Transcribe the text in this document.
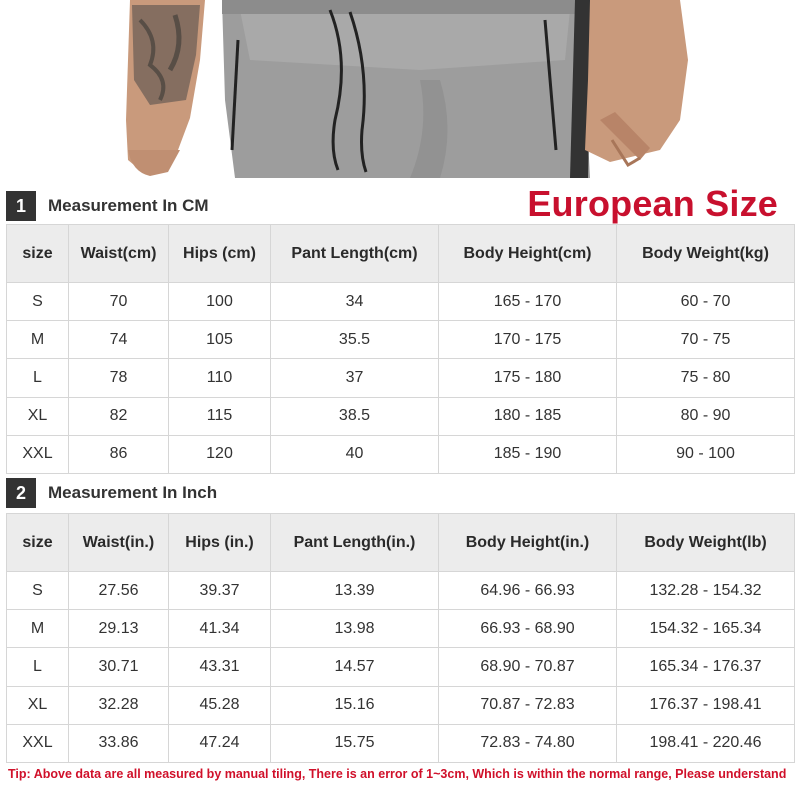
1	Measurement In CM	European Size
size	Waist(cm)	Hips (cm)	Pant Length(cm)	Body Height(cm)	Body Weight(kg)
S	70	100	34	165 - 170	60 - 70
M	74	105	35.5	170 - 175	70 - 75
L	78	110	37	175 - 180	75 - 80
XL	82	115	38.5	180 - 185	80 - 90
XXL	86	120	40	185 - 190	90 - 100
2	Measurement In Inch
size	Waist(in.)	Hips (in.)	Pant Length(in.)	Body Height(in.)	Body Weight(lb)
S	27.56	39.37	13.39	64.96 - 66.93	132.28 - 154.32
M	29.13	41.34	13.98	66.93 - 68.90	154.32 - 165.34
L	30.71	43.31	14.57	68.90 - 70.87	165.34 - 176.37
XL	32.28	45.28	15.16	70.87 - 72.83	176.37 - 198.41
XXL	33.86	47.24	15.75	72.83 - 74.80	198.41 - 220.46
Tip: Above data are all measured by manual tiling, There is an error of 1~3cm, Which is within the normal range, Please understand
